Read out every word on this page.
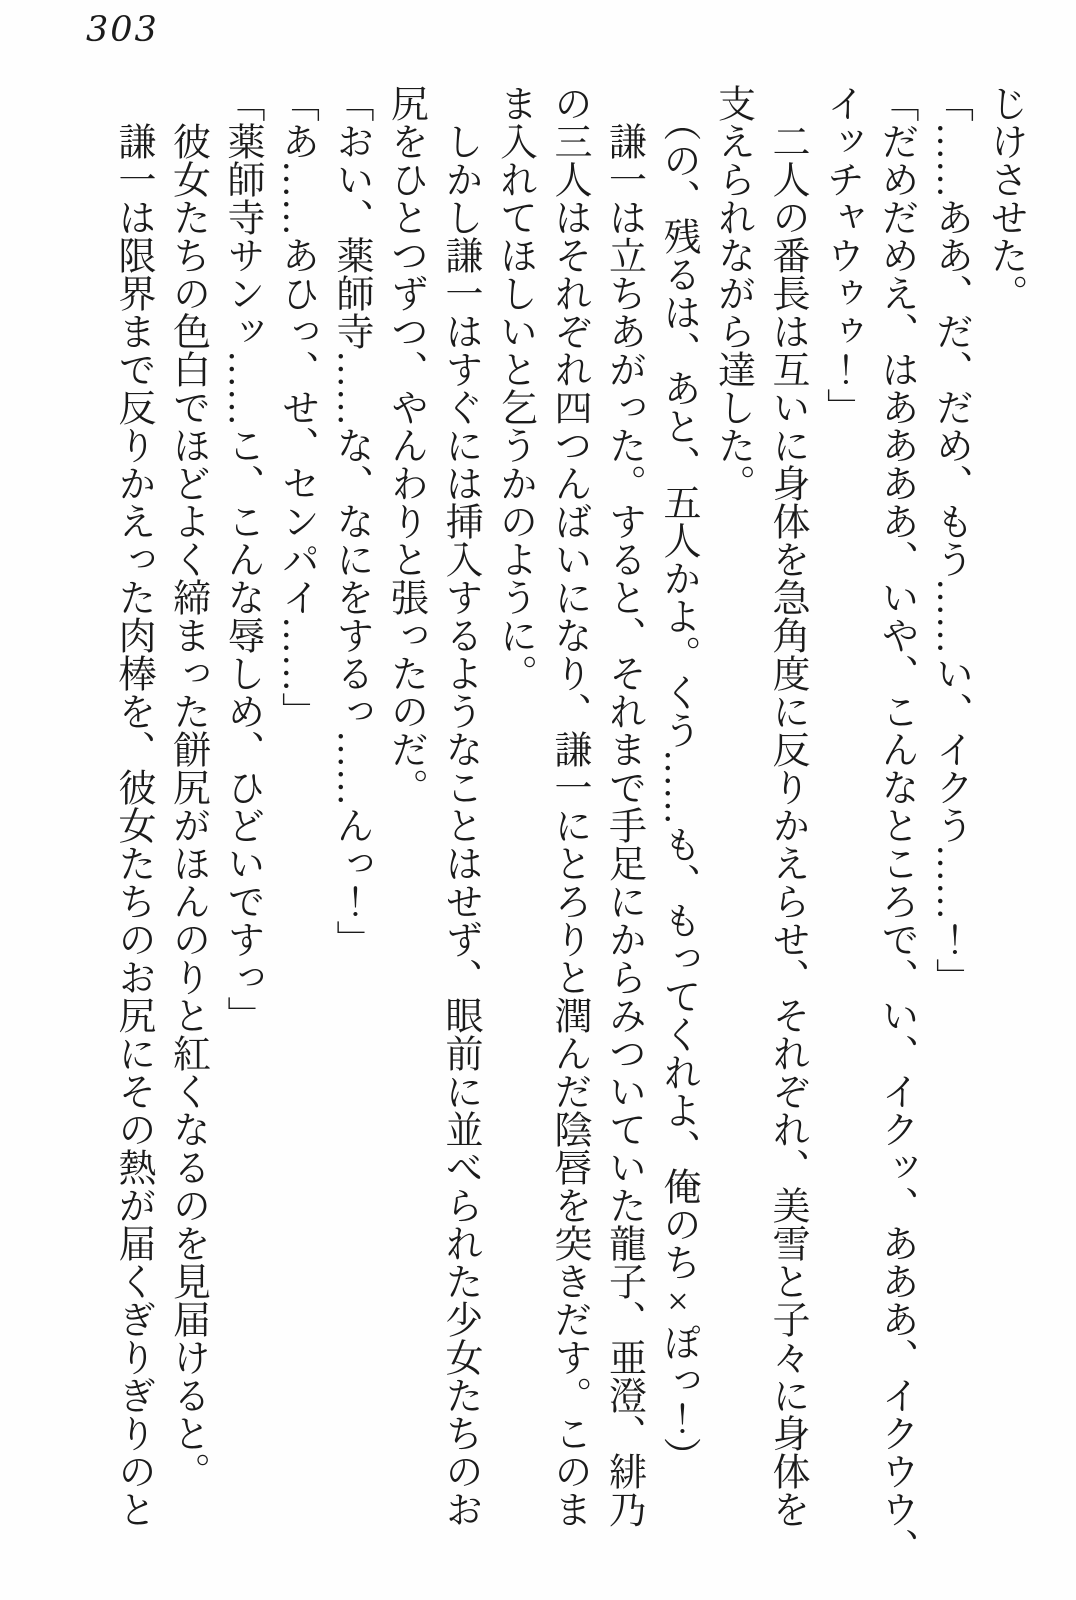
303

じけさせた。

「……ああ、だ、だめ、もう……い、イクう……！」

「だめだめえ、はああああ、いや、こんなところで、い、イクッ、あああ、イクウウ、

イッチャウゥゥ！」

　二人の番長は互いに身体を急角度に反りかえらせ、それぞれ、美雪と子々に身体を

支えられながら達した。

　（の、残るは、あと、五人かよ。くう……も、もってくれよ、俺のち×ぽっ！）

　謙一は立ちあがった。すると、それまで手足にからみついていた龍子、亜澄、緋乃

の三人はそれぞれ四つんばいになり、謙一にとろりと潤んだ陰唇を突きだす。このま

ま入れてほしいと乞うかのように。

　しかし謙一はすぐには挿入するようなことはせず、眼前に並べられた少女たちのお

尻をひとつずつ、やんわりと張ったのだ。

「おい、薬師寺……な、なにをするっ……んっ！」

「あ……あひっ、せ、センパイ……」

「薬師寺サンッ……こ、こんな辱しめ、ひどいですっ」

　彼女たちの色白でほどよく締まった餅尻がほんのりと紅くなるのを見届けると。

　謙一は限界まで反りかえった肉棒を、彼女たちのお尻にその熱が届くぎりぎりのと
